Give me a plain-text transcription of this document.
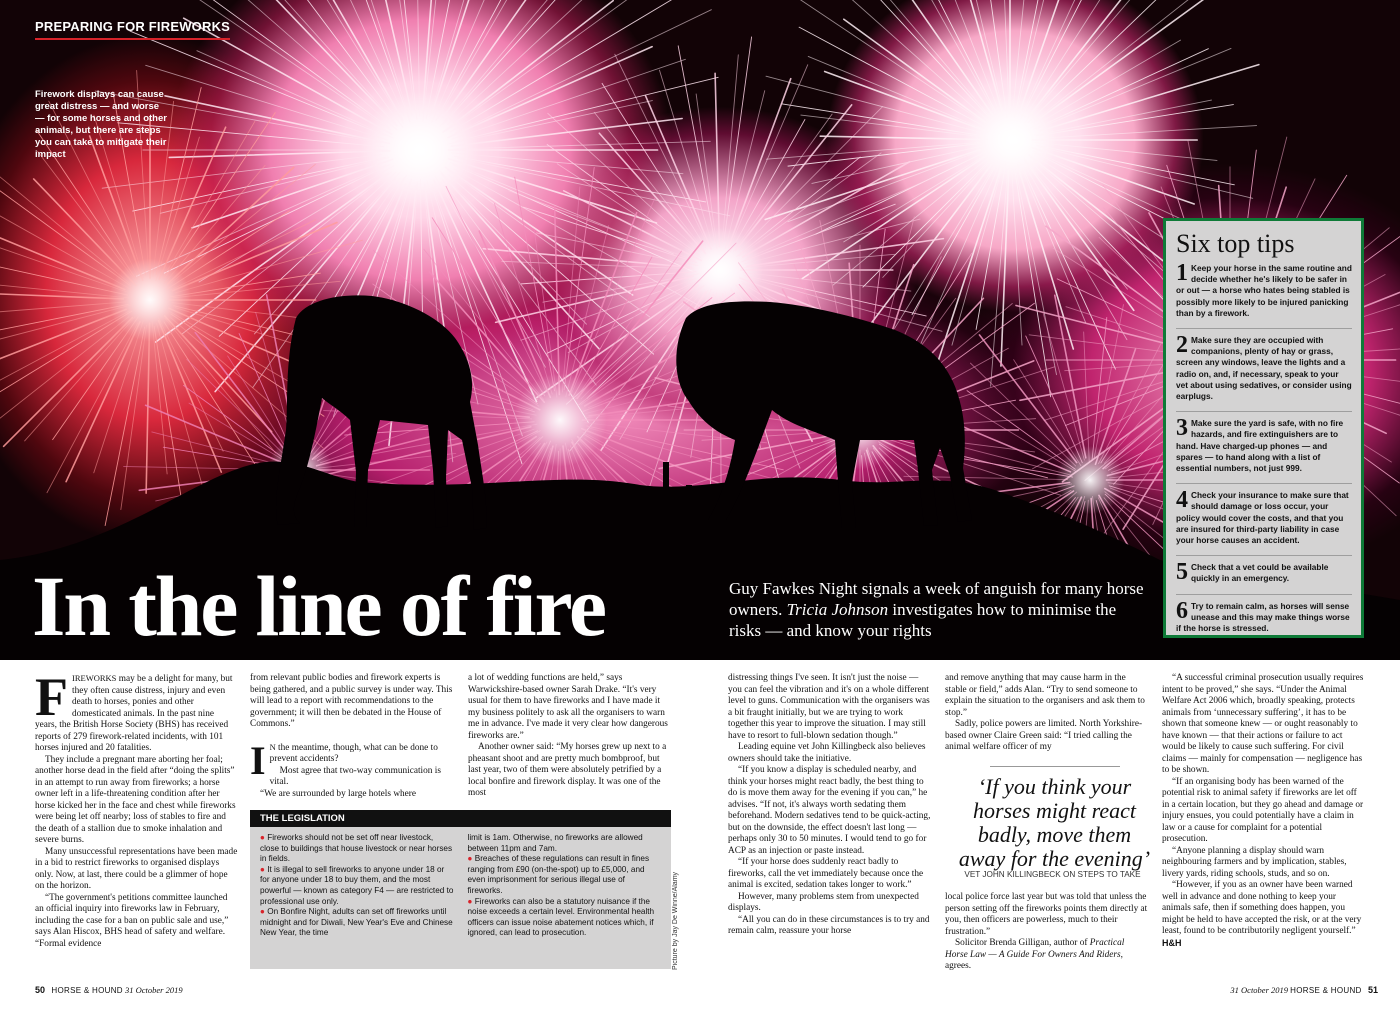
PREPARING FOR FIREWORKS
Firework displays can cause great distress — and worse — for some horses and other animals, but there are steps you can take to mitigate their impact
In the line of fire	Guy Fawkes Night signals a week of anguish for many horse owners. Tricia Johnson investigates how to minimise the risks — and know your rights
Six top tips
1 Keep your horse in the same routine and decide whether he's likely to be safer in or out — a horse who hates being stabled is possibly more likely to be injured panicking than by a firework.
2 Make sure they are occupied with companions, plenty of hay or grass, screen any windows, leave the lights and a radio on, and, if necessary, speak to your vet about using sedatives, or consider using earplugs.
3 Make sure the yard is safe, with no fire hazards, and fire extinguishers are to hand. Have charged-up phones — and spares — to hand along with a list of essential numbers, not just 999.
4 Check your insurance to make sure that should damage or loss occur, your policy would cover the costs, and that you are insured for third-party liability in case your horse causes an accident.
5 Check that a vet could be available quickly in an emergency.
6 Try to remain calm, as horses will sense unease and this may make things worse if the horse is stressed.

FIREWORKS may be a delight for many, but they often cause distress, injury and even death to horses, ponies and other domesticated animals. In the past nine years, the British Horse Society (BHS) has received reports of 279 firework-related incidents, with 101 horses injured and 20 fatalities.

They include a pregnant mare aborting her foal; another horse dead in the field after “doing the splits” in an attempt to run away from fireworks; a horse owner left in a life-threatening condition after her horse kicked her in the face and chest while fireworks were being let off nearby; loss of stables to fire and the death of a stallion due to smoke inhalation and severe burns.

Many unsuccessful representations have been made in a bid to restrict fireworks to organised displays only. Now, at last, there could be a glimmer of hope on the horizon.

“The government's petitions committee launched an official inquiry into fireworks law in February, including the case for a ban on public sale and use,” says Alan Hiscox, BHS head of safety and welfare. “Formal evidence

from relevant public bodies and firework experts is being gathered, and a public survey is under way. This will lead to a report with recommendations to the government; it will then be debated in the House of Commons.”

I N the meantime, though, what can be done to prevent accidents?

Most agree that two-way communication is vital.

“We are surrounded by large hotels where

a lot of wedding functions are held,” says Warwickshire-based owner Sarah Drake. “It's very usual for them to have fireworks and I have made it my business politely to ask all the organisers to warn me in advance. I've made it very clear how dangerous fireworks are.”

Another owner said: “My horses grew up next to a pheasant shoot and are pretty much bombproof, but last year, two of them were absolutely petrified by a local bonfire and firework display. It was one of the most

THE LEGISLATION
● Fireworks should not be set off near livestock, close to buildings that house livestock or near horses in fields.
● It is illegal to sell fireworks to anyone under 18 or for anyone under 18 to buy them, and the most powerful — known as category F4 — are restricted to professional use only.
● On Bonfire Night, adults can set off fireworks until midnight and for Diwali, New Year's Eve and Chinese New Year, the time
limit is 1am. Otherwise, no fireworks are allowed between 11pm and 7am.
● Breaches of these regulations can result in fines ranging from £90 (on-the-spot) up to £5,000, and even imprisonment for serious illegal use of fireworks.
● Fireworks can also be a statutory nuisance if the noise exceeds a certain level. Environmental health officers can issue noise abatement notices which, if ignored, can lead to prosecution.	Picture by Jay De Winne/Alamy

distressing things I've seen. It isn't just the noise — you can feel the vibration and it's on a whole different level to guns. Communication with the organisers was a bit fraught initially, but we are trying to work together this year to improve the situation. I may still have to resort to full-blown sedation though.”

Leading equine vet John Killingbeck also believes owners should take the initiative.

“If you know a display is scheduled nearby, and think your horses might react badly, the best thing to do is move them away for the evening if you can,” he advises. “If not, it's always worth sedating them beforehand. Modern sedatives tend to be quick-acting, but on the downside, the effect doesn't last long — perhaps only 30 to 50 minutes. I would tend to go for ACP as an injection or paste instead.

“If your horse does suddenly react badly to fireworks, call the vet immediately because once the animal is excited, sedation takes longer to work.”

However, many problems stem from unexpected displays.

“All you can do in these circumstances is to try and remain calm, reassure your horse

and remove anything that may cause harm in the stable or field,” adds Alan. “Try to send someone to explain the situation to the organisers and ask them to stop.”

Sadly, police powers are limited. North Yorkshire-based owner Claire Green said: “I tried calling the animal welfare officer of my

‘If you think your horses might react badly, move them away for the evening’
VET JOHN KILLINGBECK ON STEPS TO TAKE

local police force last year but was told that unless the person setting off the fireworks points them directly at you, then officers are powerless, much to their frustration.”

Solicitor Brenda Gilligan, author of Practical Horse Law — A Guide For Owners And Riders, agrees.

“A successful criminal prosecution usually requires intent to be proved,” she says. “Under the Animal Welfare Act 2006 which, broadly speaking, protects animals from ‘unnecessary suffering’, it has to be shown that someone knew — or ought reasonably to have known — that their actions or failure to act would be likely to cause such suffering. For civil claims — mainly for compensation — negligence has to be shown.

“If an organising body has been warned of the potential risk to animal safety if fireworks are let off in a certain location, but they go ahead and damage or injury ensues, you could potentially have a claim in law or a cause for complaint for a potential prosecution.

“Anyone planning a display should warn neighbouring farmers and by implication, stables, livery yards, riding schools, studs, and so on.

“However, if you as an owner have been warned well in advance and done nothing to keep your animals safe, then if something does happen, you might be held to have accepted the risk, or at the very least, found to be contributorily negligent yourself.” H&H

50 HORSE & HOUND 31 October 2019	31 October 2019 HORSE & HOUND 51
